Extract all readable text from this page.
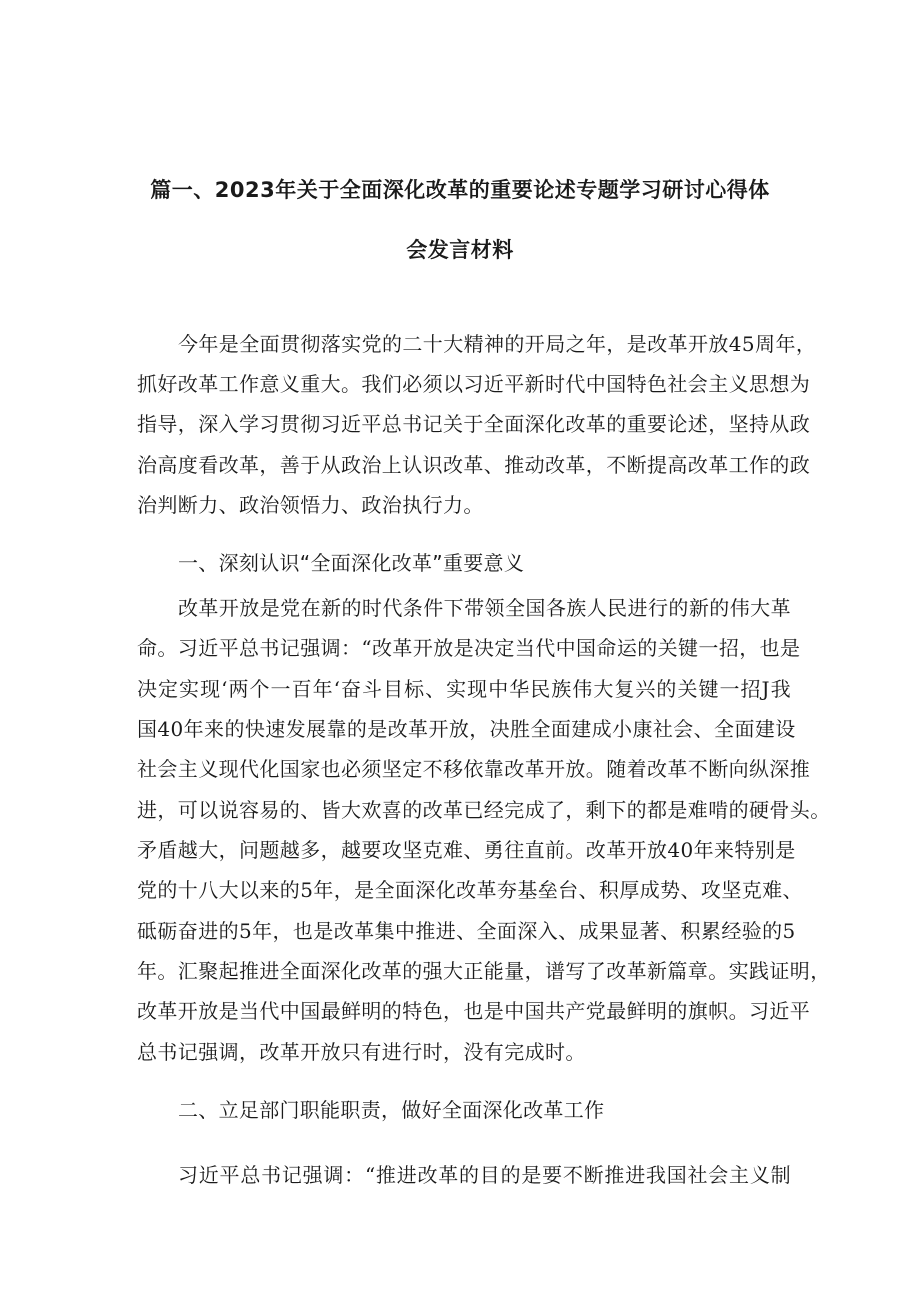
篇一、2023年关于全面深化改革的重要论述专题学习研讨心得体
会发言材料
今年是全面贯彻落实党的二十大精神的开局之年，是改革开放45周年，
抓好改革工作意义重大。我们必须以习近平新时代中国特色社会主义思想为
指导，深入学习贯彻习近平总书记关于全面深化改革的重要论述，坚持从政
治高度看改革，善于从政治上认识改革、推动改革，不断提高改革工作的政
治判断力、政治领悟力、政治执行力。
一、深刻认识“全面深化改革”重要意义
改革开放是党在新的时代条件下带领全国各族人民进行的新的伟大革
命。习近平总书记强调：“改革开放是决定当代中国命运的关键一招，也是
决定实现‘两个一百年‘奋斗目标、实现中华民族伟大复兴的关键一招J我
国40年来的快速发展靠的是改革开放，决胜全面建成小康社会、全面建设
社会主义现代化国家也必须坚定不移依靠改革开放。随着改革不断向纵深推
进，可以说容易的、皆大欢喜的改革已经完成了，剩下的都是难啃的硬骨头。
矛盾越大，问题越多，越要攻坚克难、勇往直前。改革开放40年来特别是
党的十八大以来的5年，是全面深化改革夯基垒台、积厚成势、攻坚克难、
砥砺奋进的5年，也是改革集中推进、全面深入、成果显著、积累经验的5
年。汇聚起推进全面深化改革的强大正能量，谱写了改革新篇章。实践证明，
改革开放是当代中国最鲜明的特色，也是中国共产党最鲜明的旗帜。习近平
总书记强调，改革开放只有进行时，没有完成时。
二、立足部门职能职责，做好全面深化改革工作
习近平总书记强调：“推进改革的目的是要不断推进我国社会主义制
